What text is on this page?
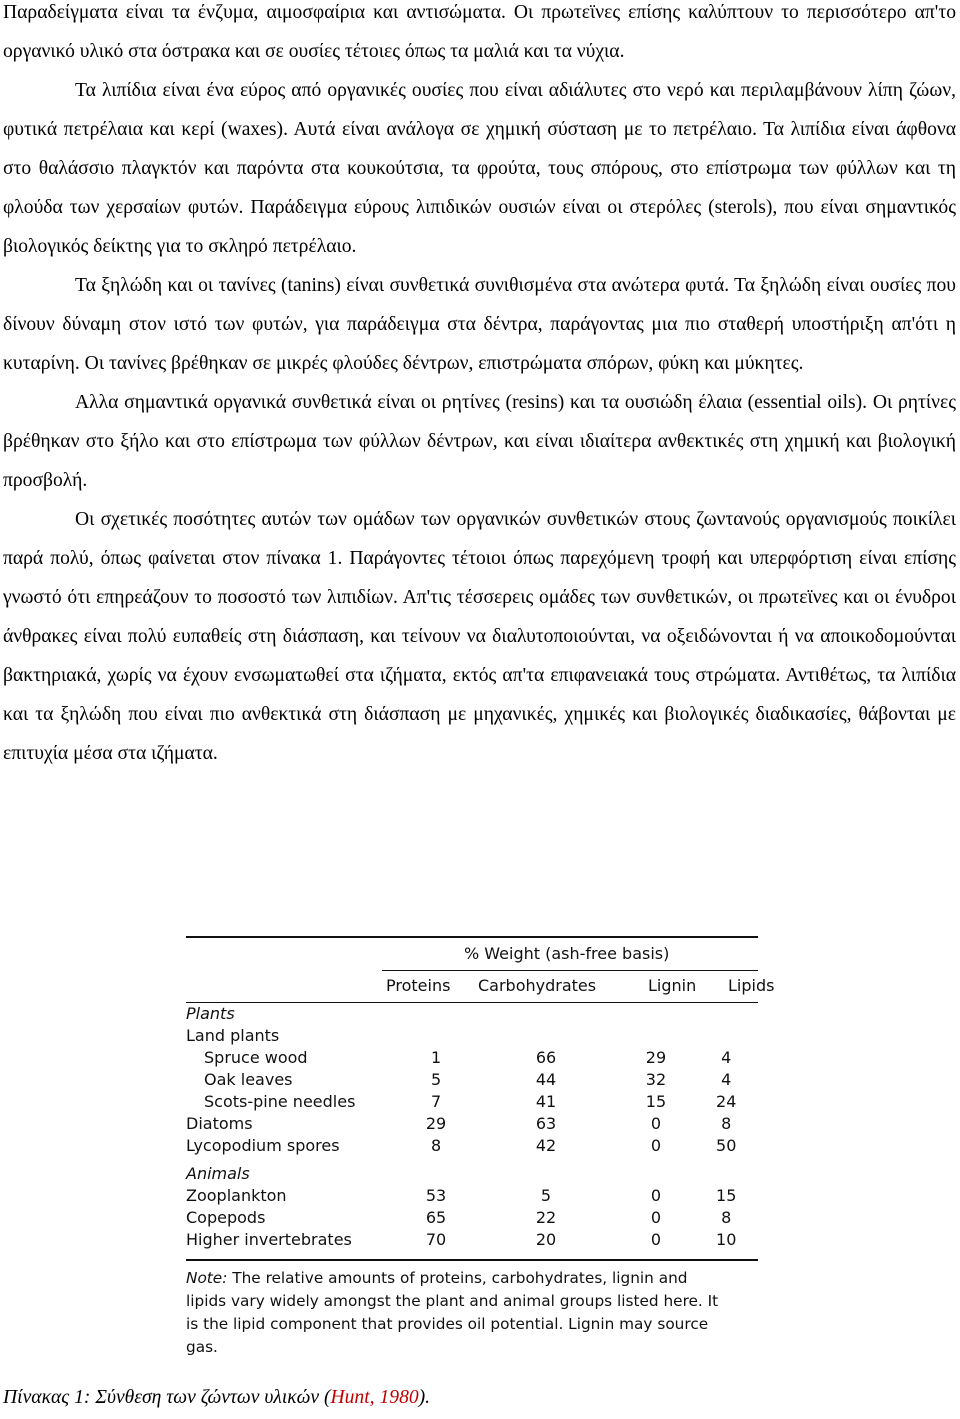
Παραδείγματα είναι τα ένζυμα, αιμοσφαίρια και αντισώματα. Οι πρωτεϊνες επίσης καλύπτουν το περισσότερο απ'το οργανικό υλικό στα όστρακα και σε ουσίες τέτοιες όπως τα μαλιά και τα νύχια.

Τα λιπίδια είναι ένα εύρος από οργανικές ουσίες που είναι αδιάλυτες στο νερό και περιλαμβάνουν λίπη ζώων, φυτικά πετρέλαια και κερί (waxes). Αυτά είναι ανάλογα σε χημική σύσταση με το πετρέλαιο. Τα λιπίδια είναι άφθονα στο θαλάσσιο πλαγκτόν και παρόντα στα κουκούτσια, τα φρούτα, τους σπόρους, στο επίστρωμα των φύλλων και τη φλούδα των χερσαίων φυτών. Παράδειγμα εύρους λιπιδικών ουσιών είναι οι στερόλες (sterols), που είναι σημαντικός βιολογικός δείκτης για το σκληρό πετρέλαιο.

Τα ξηλώδη και οι τανίνες (tanins) είναι συνθετικά συνιθισμένα στα ανώτερα φυτά. Τα ξηλώδη είναι ουσίες που δίνουν δύναμη στον ιστό των φυτών, για παράδειγμα στα δέντρα, παράγοντας μια πιο σταθερή υποστήριξη απ'ότι η κυταρίνη. Οι τανίνες βρέθηκαν σε μικρές φλούδες δέντρων, επιστρώματα σπόρων, φύκη και μύκητες.

Αλλα σημαντικά οργανικά συνθετικά είναι οι ρητίνες (resins) και τα ουσιώδη έλαια (essential oils). Οι ρητίνες βρέθηκαν στο ξήλο και στο επίστρωμα των φύλλων δέντρων, και είναι ιδιαίτερα ανθεκτικές στη χημική και βιολογική προσβολή.

Οι σχετικές ποσότητες αυτών των ομάδων των οργανικών συνθετικών στους ζωντανούς οργανισμούς ποικίλει παρά πολύ, όπως φαίνεται στον πίνακα 1. Παράγοντες τέτοιοι όπως παρεχόμενη τροφή και υπερφόρτιση είναι επίσης γνωστό ότι επηρεάζουν το ποσοστό των λιπιδίων. Απ'τις τέσσερεις ομάδες των συνθετικών, οι πρωτεϊνες και οι ένυδροι άνθρακες είναι πολύ ευπαθείς στη διάσπαση, και τείνουν να διαλυτοποιούνται, να οξειδώνονται ή να αποικοδομούνται βακτηριακά, χωρίς να έχουν ενσωματωθεί στα ιζήματα, εκτός απ'τα επιφανειακά τους στρώματα. Αντιθέτως, τα λιπίδια και τα ξηλώδη που είναι πιο ανθεκτικά στη διάσπαση με μηχανικές, χημικές και βιολογικές διαδικασίες, θάβονται με επιτυχία μέσα στα ιζήματα.

% Weight (ash-free basis)
Proteins Carbohydrates	Lignin Lipids
Plants				
Land plants				
Spruce wood	1	66	29	4
Oak leaves	5	44	32	4
Scots-pine needles	7	41	15	24
Diatoms	29	63	0	8
Lycopodium spores	8	42	0	50
Animals				
Zooplankton	53	5	0	15
Copepods	65	22	0	8
Higher invertebrates	70	20	0	10
Note: The relative amounts of proteins, carbohydrates, lignin and lipids vary widely amongst the plant and animal groups listed here. It is the lipid component that provides oil potential. Lignin may source gas.
Πίνακας 1: Σύνθεση των ζώντων υλικών (Hunt, 1980).
